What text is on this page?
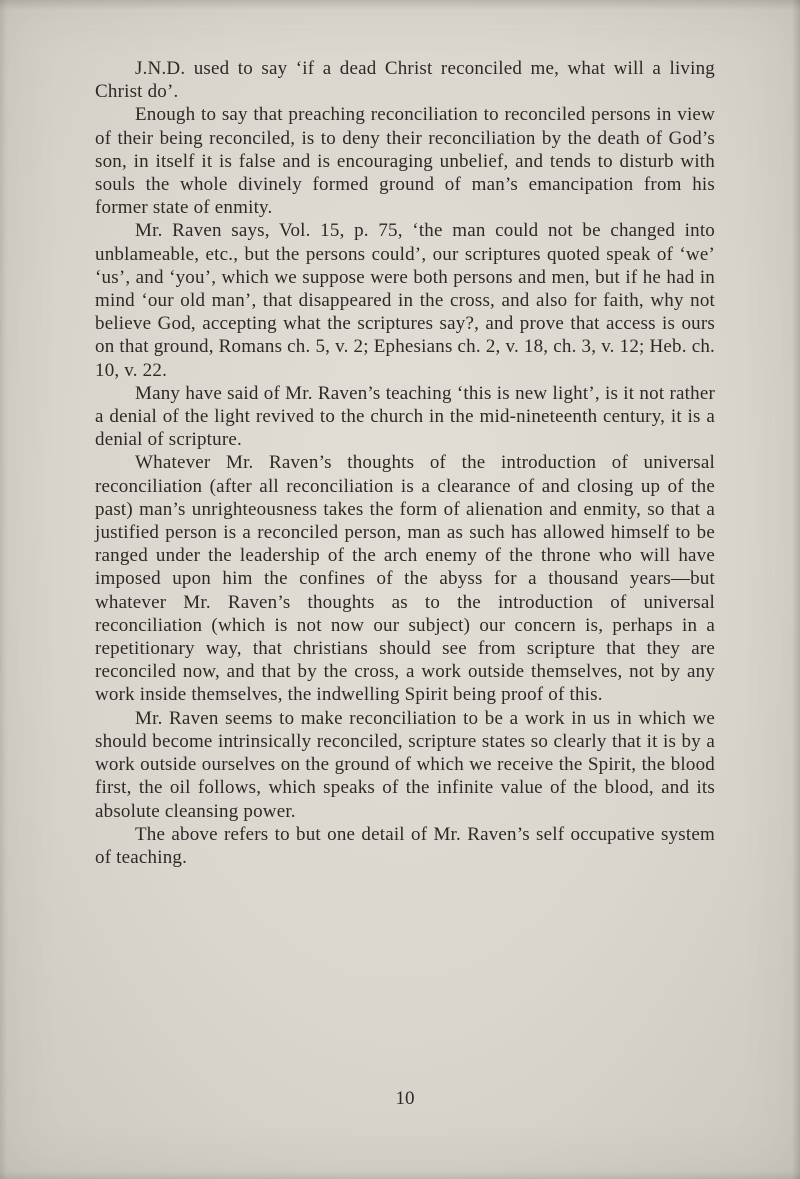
J.N.D. used to say ‘if a dead Christ reconciled me, what will a living Christ do’.

Enough to say that preaching reconciliation to reconciled persons in view of their being reconciled, is to deny their reconciliation by the death of God’s son, in itself it is false and is encouraging unbelief, and tends to disturb with souls the whole divinely formed ground of man’s emancipation from his former state of enmity.

Mr. Raven says, Vol. 15, p. 75, ‘the man could not be changed into unblameable, etc., but the persons could’, our scriptures quoted speak of ‘we’ ‘us’, and ‘you’, which we suppose were both persons and men, but if he had in mind ‘our old man’, that disappeared in the cross, and also for faith, why not believe God, accepting what the scriptures say?, and prove that access is ours on that ground, Romans ch. 5, v. 2; Ephesians ch. 2, v. 18, ch. 3, v. 12; Heb. ch. 10, v. 22.

Many have said of Mr. Raven’s teaching ‘this is new light’, is it not rather a denial of the light revived to the church in the mid-nineteenth century, it is a denial of scripture.

Whatever Mr. Raven’s thoughts of the introduction of universal reconciliation (after all reconciliation is a clearance of and closing up of the past) man’s unrighteousness takes the form of alienation and enmity, so that a justified person is a reconciled person, man as such has allowed himself to be ranged under the leadership of the arch enemy of the throne who will have imposed upon him the confines of the abyss for a thousand years—but whatever Mr. Raven’s thoughts as to the introduction of universal reconciliation (which is not now our subject) our concern is, perhaps in a repetitionary way, that christians should see from scripture that they are reconciled now, and that by the cross, a work outside themselves, not by any work inside themselves, the indwelling Spirit being proof of this.

Mr. Raven seems to make reconciliation to be a work in us in which we should become intrinsically reconciled, scripture states so clearly that it is by a work outside ourselves on the ground of which we receive the Spirit, the blood first, the oil follows, which speaks of the infinite value of the blood, and its absolute cleansing power.

The above refers to but one detail of Mr. Raven’s self occupative system of teaching.

10
